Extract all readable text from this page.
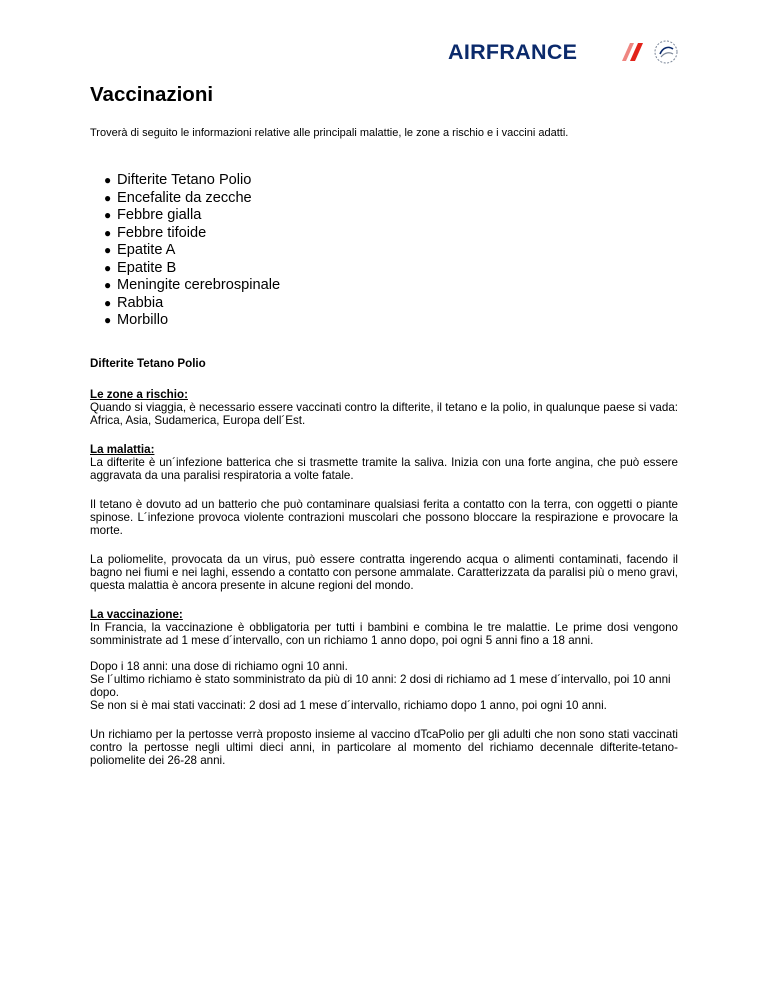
AIRFRANCE
Vaccinazioni
Troverà di seguito le informazioni relative alle principali malattie, le zone a rischio e i vaccini adatti.
● Difterite Tetano Polio
● Encefalite da zecche
● Febbre gialla
● Febbre tifoide
● Epatite A
● Epatite B
● Meningite cerebrospinale
● Rabbia
● Morbillo
Difterite Tetano Polio
Le zone a rischio:
Quando si viaggia, è necessario essere vaccinati contro la difterite, il tetano e la polio, in qualunque paese si vada: Africa, Asia, Sudamerica, Europa dell´Est.
La malattia:
La difterite è un´infezione batterica che si trasmette tramite la saliva. Inizia con una forte angina, che può essere aggravata da una paralisi respiratoria a volte fatale.
Il tetano è dovuto ad un batterio che può contaminare qualsiasi ferita a contatto con la terra, con oggetti o piante spinose. L´infezione provoca violente contrazioni muscolari che possono bloccare la respirazione e provocare la morte.
La poliomelite, provocata da un virus, può essere contratta ingerendo acqua o alimenti contaminati, facendo il bagno nei fiumi e nei laghi, essendo a contatto con persone ammalate. Caratterizzata da paralisi più o meno gravi, questa malattia è ancora presente in alcune regioni del mondo.
La vaccinazione:
In Francia, la vaccinazione è obbligatoria per tutti i bambini e combina le tre malattie. Le prime dosi vengono somministrate ad 1 mese d´intervallo, con un richiamo 1 anno dopo, poi ogni 5 anni fino a 18 anni.
Dopo i 18 anni: una dose di richiamo ogni 10 anni.
Se l´ultimo richiamo è stato somministrato da più di 10 anni: 2 dosi di richiamo ad 1 mese d´intervallo, poi 10 anni dopo.
Se non si è mai stati vaccinati: 2 dosi ad 1 mese d´intervallo, richiamo dopo 1 anno, poi ogni 10 anni.
Un richiamo per la pertosse verrà proposto insieme al vaccino dTcaPolio per gli adulti che non sono stati vaccinati contro la pertosse negli ultimi dieci anni, in particolare al momento del richiamo decennale difterite-tetano-poliomelite dei 26-28 anni.
